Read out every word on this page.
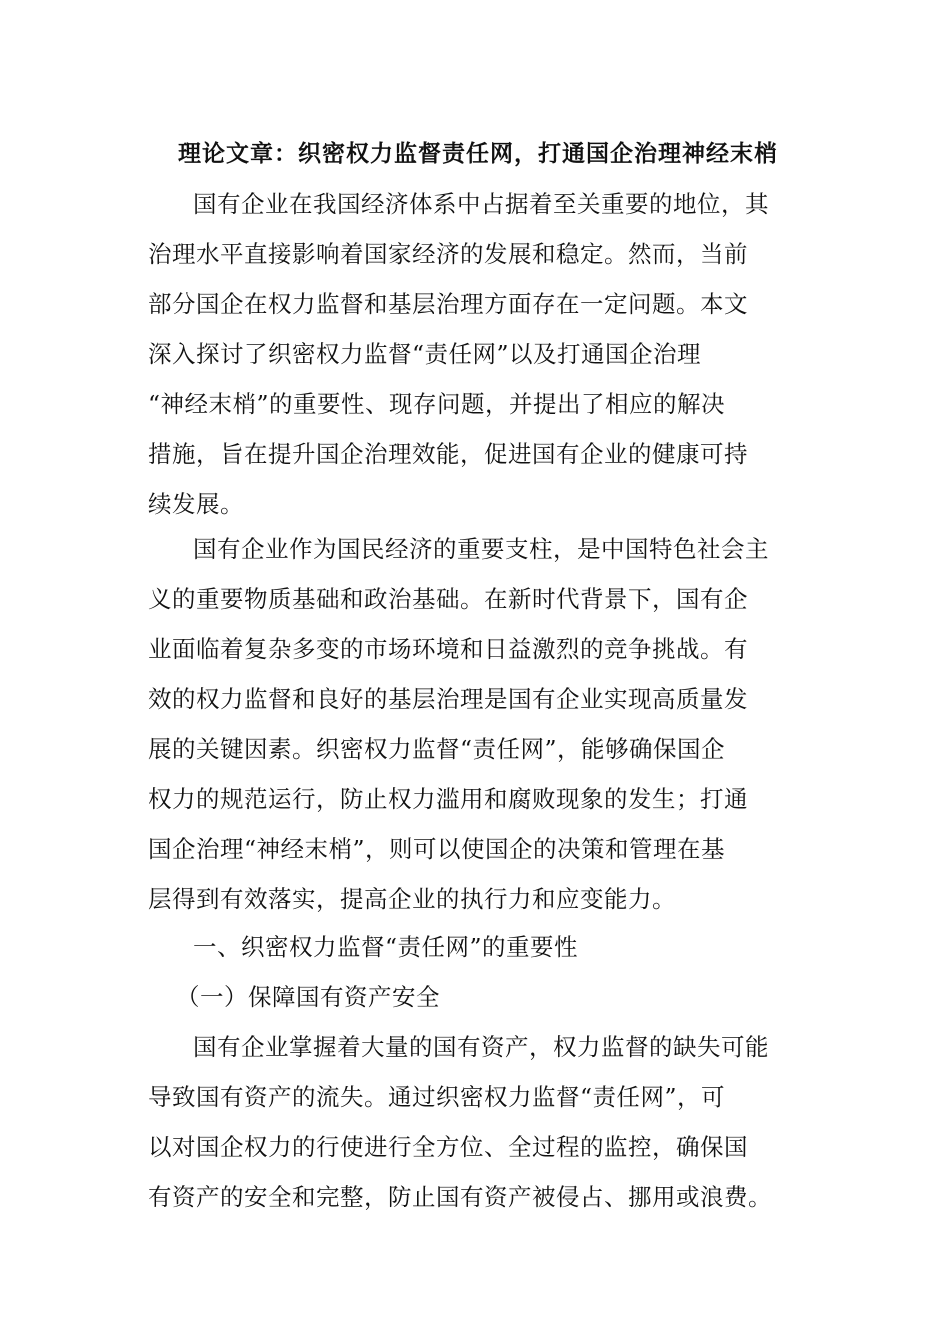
理论文章：织密权力监督责任网，打通国企治理神经末梢
国有企业在我国经济体系中占据着至关重要的地位，其
治理水平直接影响着国家经济的发展和稳定。然而，当前
部分国企在权力监督和基层治理方面存在一定问题。本文
深入探讨了织密权力监督“责任网”以及打通国企治理
“神经末梢”的重要性、现存问题，并提出了相应的解决
措施，旨在提升国企治理效能，促进国有企业的健康可持
续发展。
国有企业作为国民经济的重要支柱，是中国特色社会主
义的重要物质基础和政治基础。在新时代背景下，国有企
业面临着复杂多变的市场环境和日益激烈的竞争挑战。有
效的权力监督和良好的基层治理是国有企业实现高质量发
展的关键因素。织密权力监督“责任网”，能够确保国企
权力的规范运行，防止权力滥用和腐败现象的发生；打通
国企治理“神经末梢”，则可以使国企的决策和管理在基
层得到有效落实，提高企业的执行力和应变能力。
一、织密权力监督“责任网”的重要性
（一）保障国有资产安全
国有企业掌握着大量的国有资产，权力监督的缺失可能
导致国有资产的流失。通过织密权力监督“责任网”，可
以对国企权力的行使进行全方位、全过程的监控，确保国
有资产的安全和完整，防止国有资产被侵占、挪用或浪费。
